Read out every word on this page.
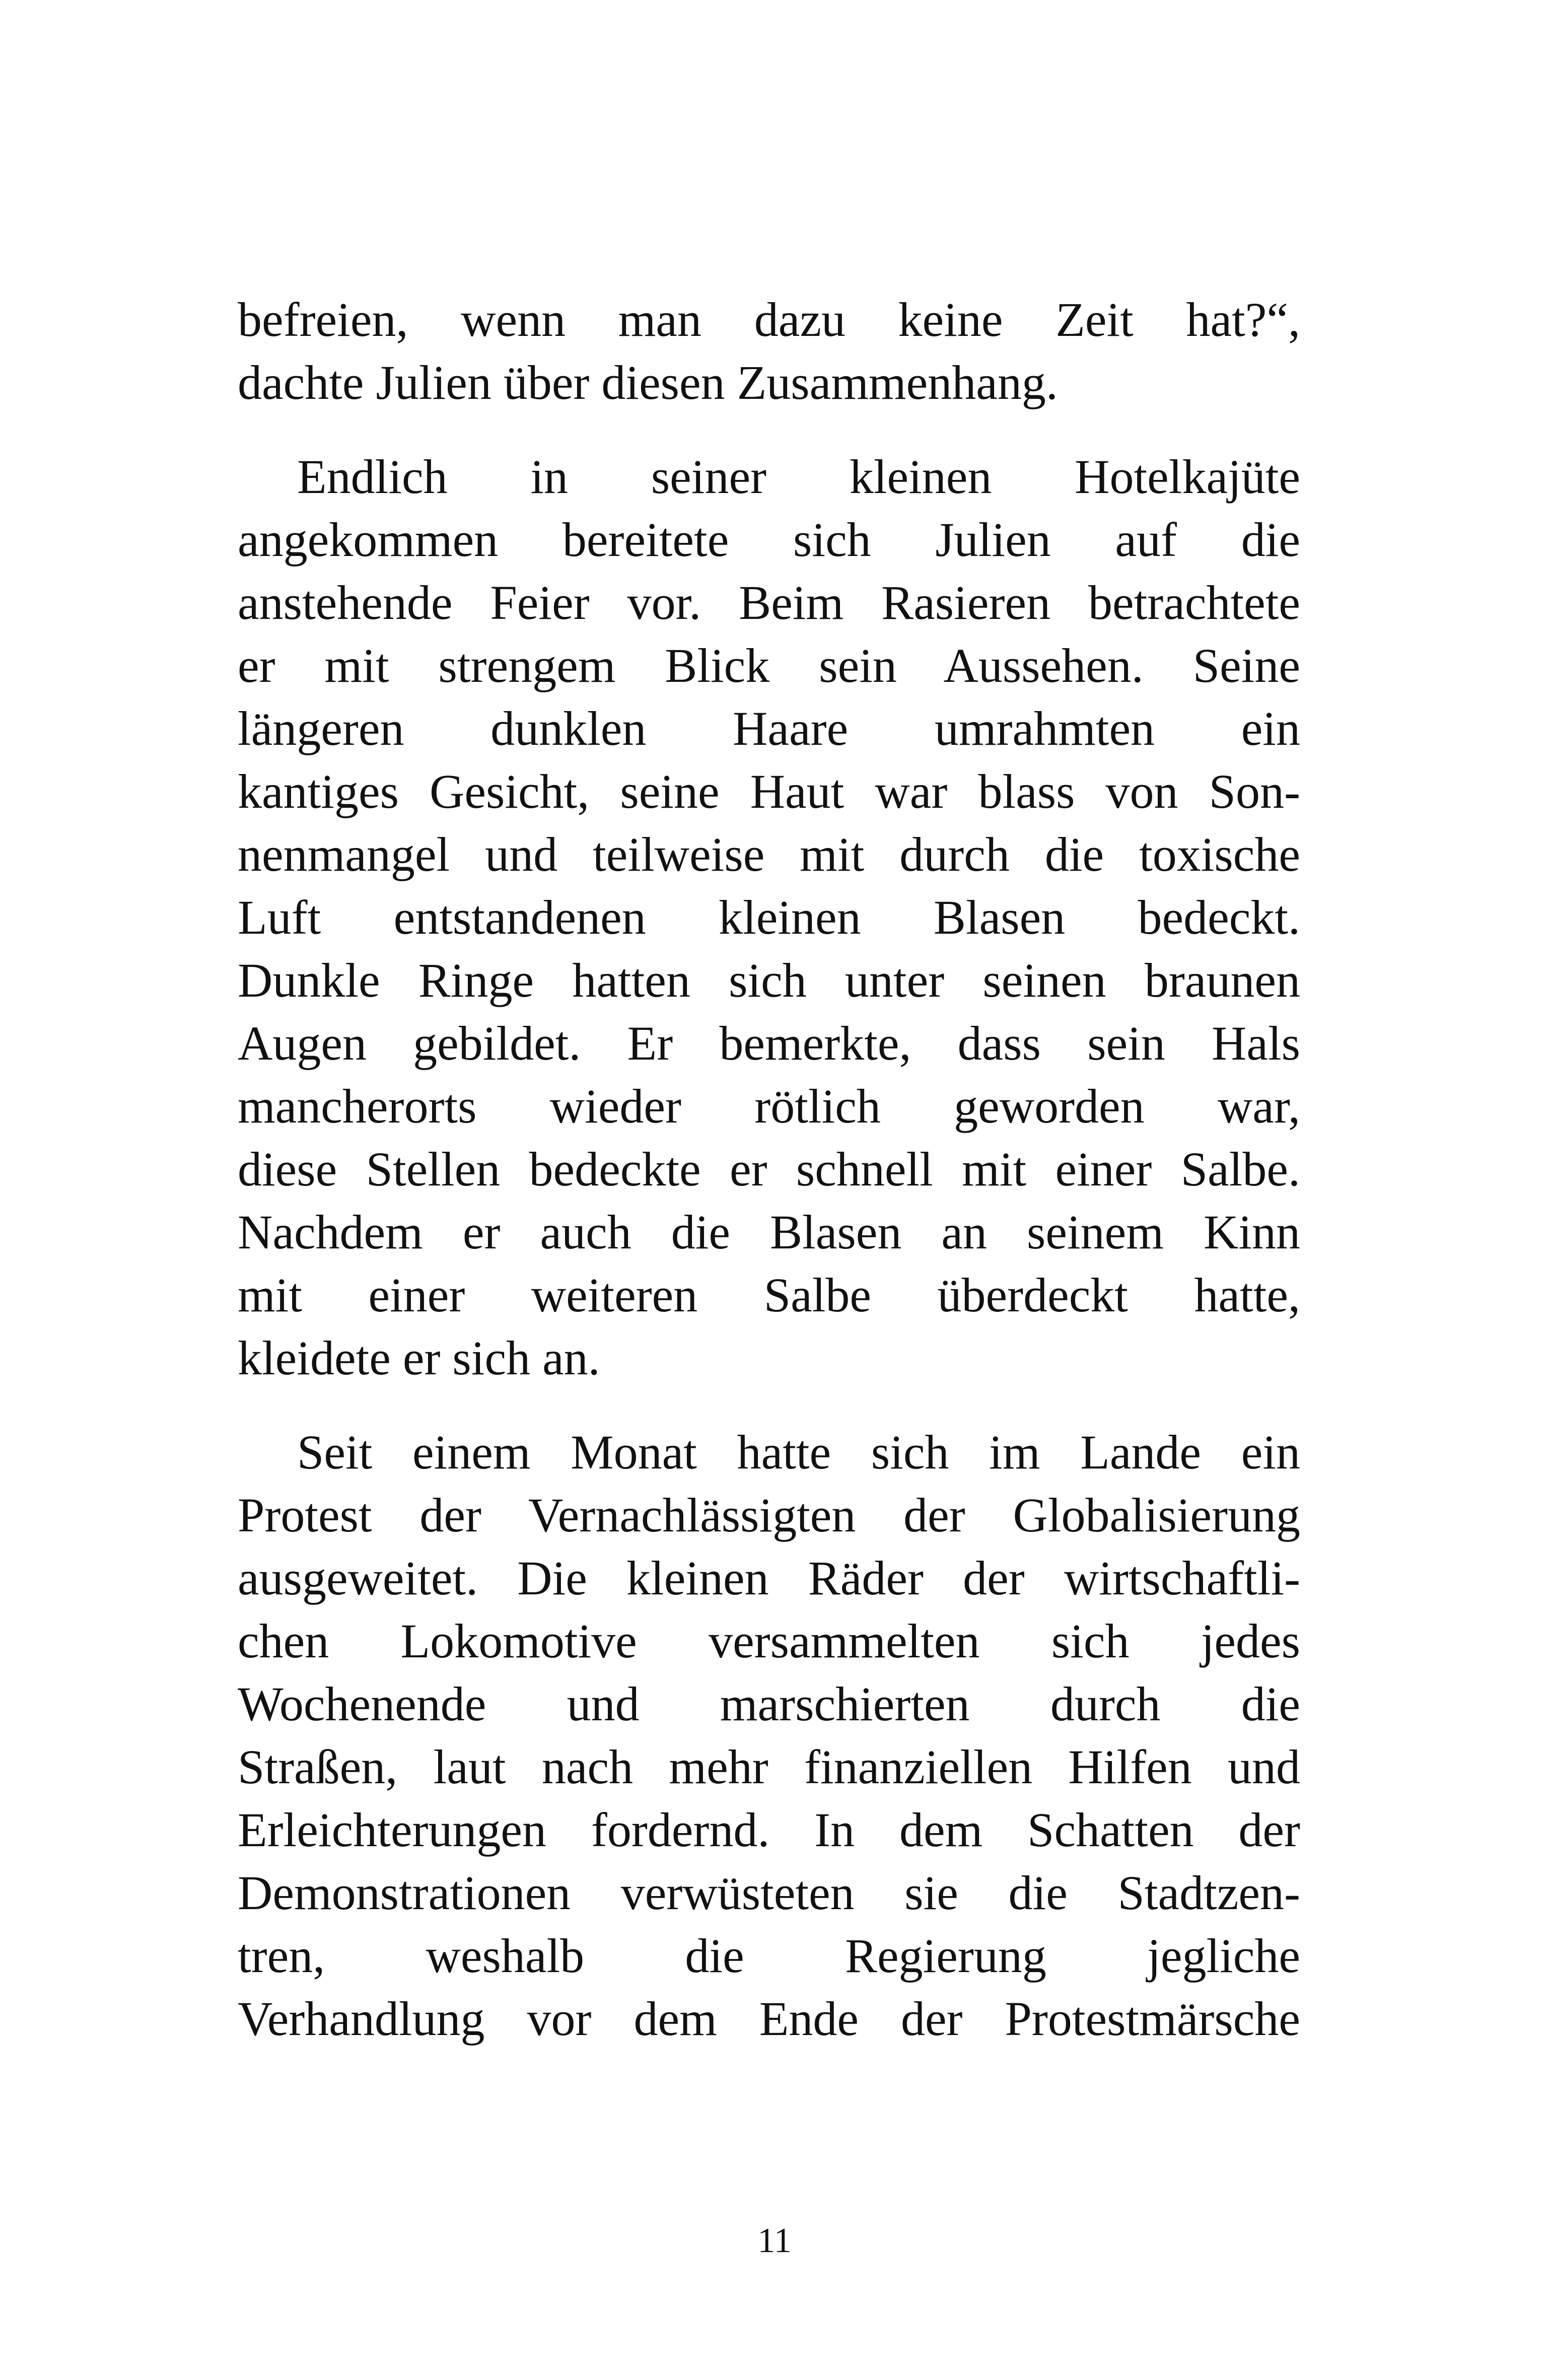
befreien, wenn man dazu keine Zeit hat?“,
dachte Julien über diesen Zusammenhang.
Endlich in seiner kleinen Hotelkajüte
angekommen bereitete sich Julien auf die
anstehende Feier vor. Beim Rasieren betrachtete
er mit strengem Blick sein Aussehen. Seine
längeren dunklen Haare umrahmten ein
kantiges Gesicht, seine Haut war blass von Son-
nenmangel und teilweise mit durch die toxische
Luft entstandenen kleinen Blasen bedeckt.
Dunkle Ringe hatten sich unter seinen braunen
Augen gebildet. Er bemerkte, dass sein Hals
mancherorts wieder rötlich geworden war,
diese Stellen bedeckte er schnell mit einer Salbe.
Nachdem er auch die Blasen an seinem Kinn
mit einer weiteren Salbe überdeckt hatte,
kleidete er sich an.
Seit einem Monat hatte sich im Lande ein
Protest der Vernachlässigten der Globalisierung
ausgeweitet. Die kleinen Räder der wirtschaftli-
chen Lokomotive versammelten sich jedes
Wochenende und marschierten durch die
Straßen, laut nach mehr finanziellen Hilfen und
Erleichterungen fordernd. In dem Schatten der
Demonstrationen verwüsteten sie die Stadtzen-
tren, weshalb die Regierung jegliche
Verhandlung vor dem Ende der Protestmärsche
11
